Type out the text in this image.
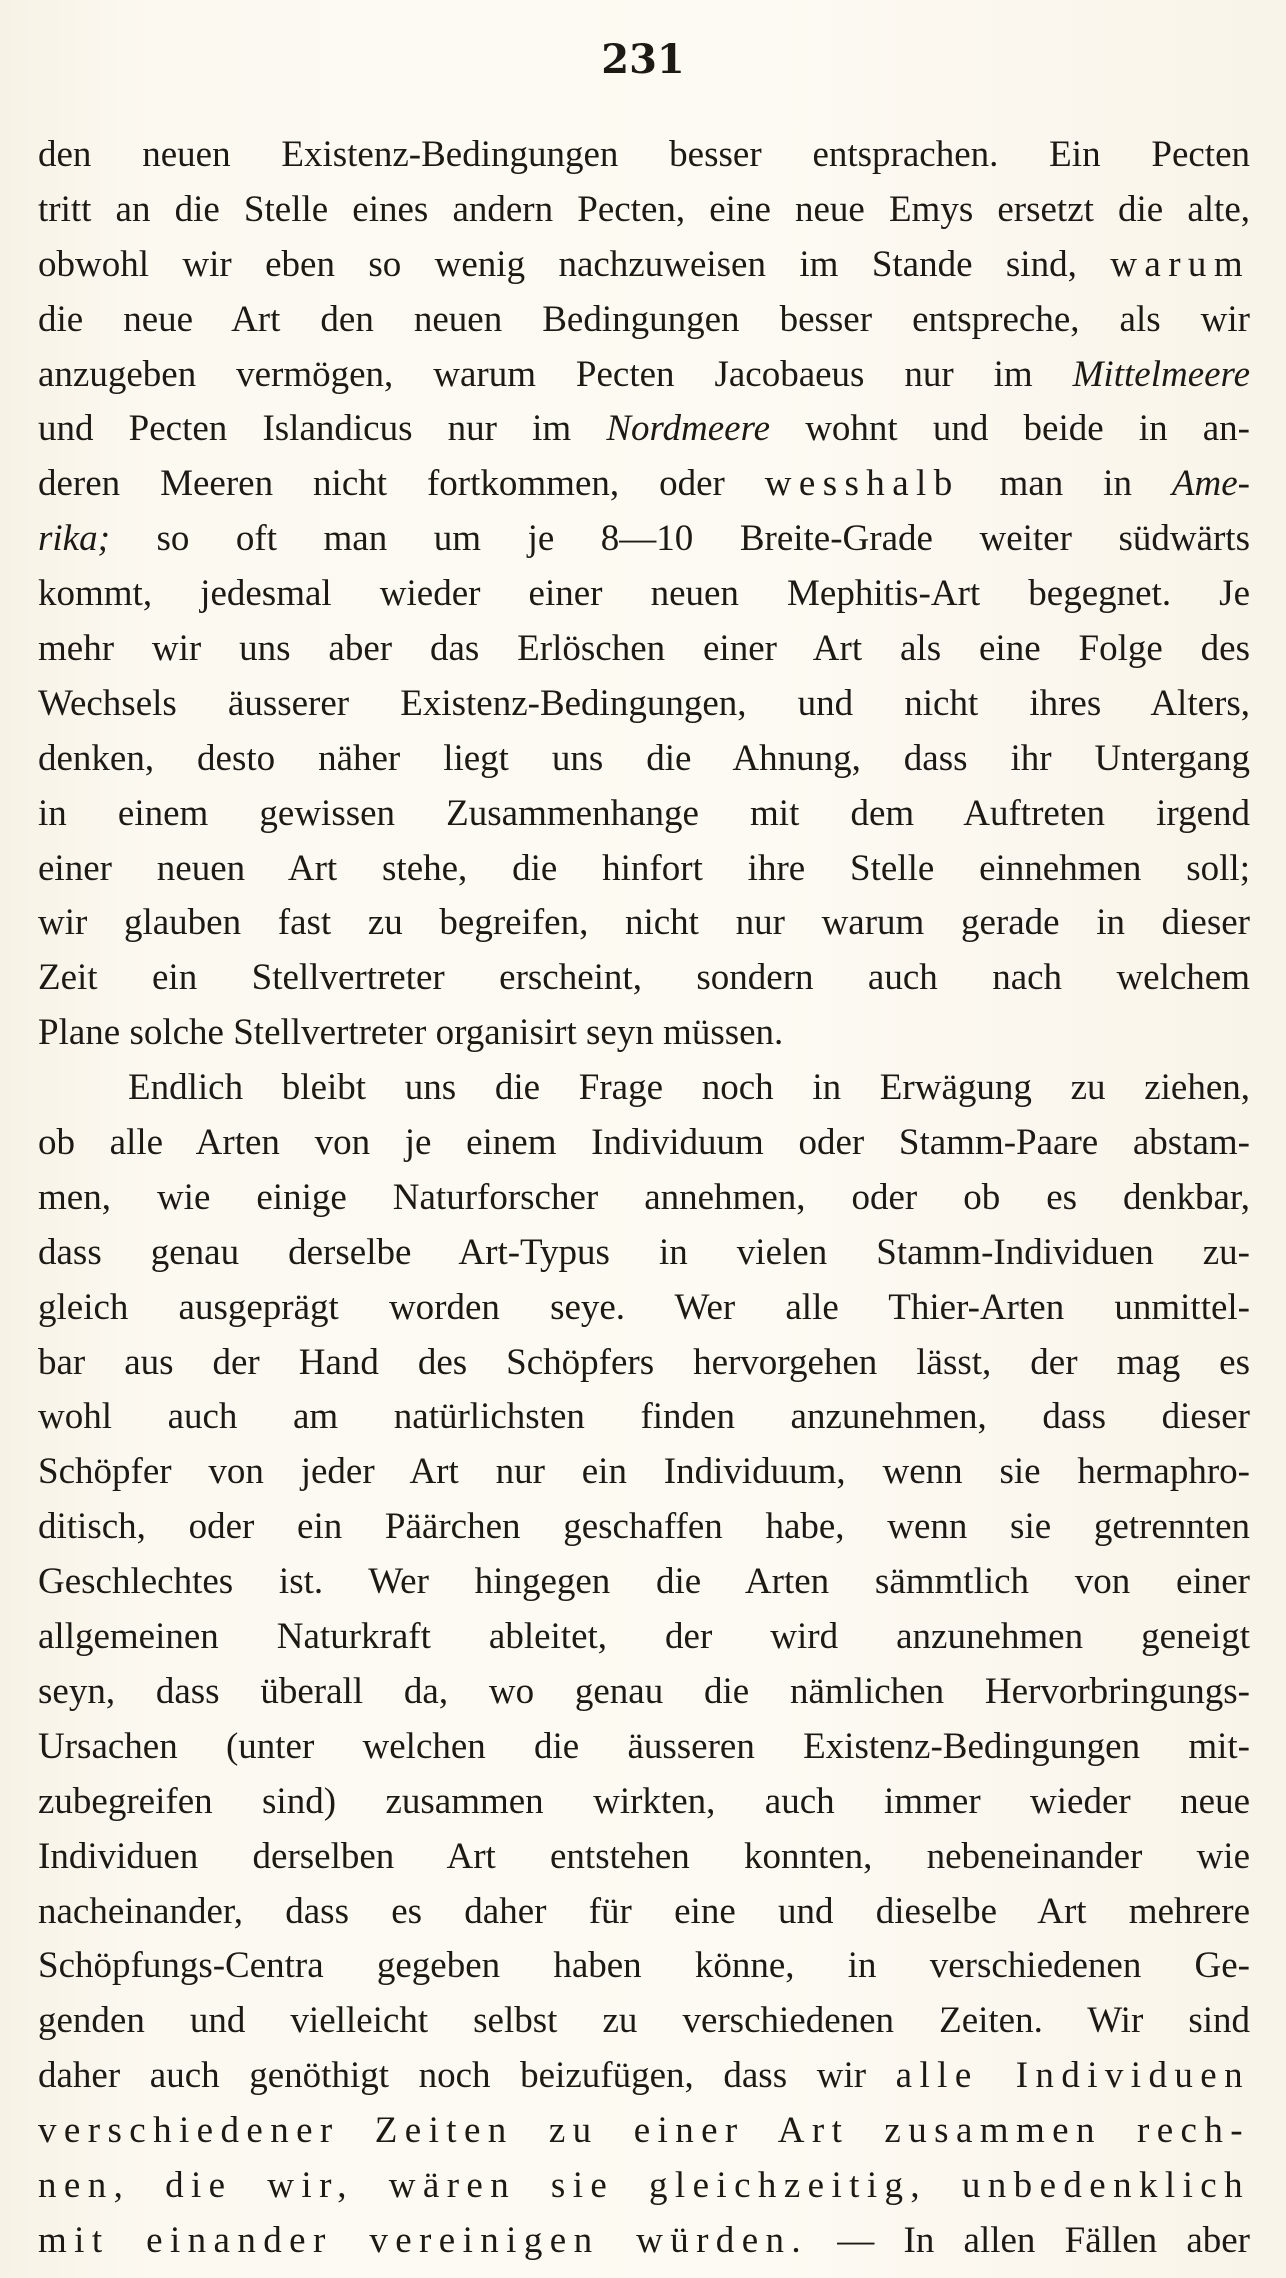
231
den neuen Existenz-Bedingungen besser entsprachen. Ein Pecten
tritt an die Stelle eines andern Pecten, eine neue Emys ersetzt die alte,
obwohl wir eben so wenig nachzuweisen im Stande sind, warum
die neue Art den neuen Bedingungen besser entspreche, als wir
anzugeben vermögen, warum Pecten Jacobaeus nur im Mittelmeere
und Pecten Islandicus nur im Nordmeere wohnt und beide in an-
deren Meeren nicht fortkommen, oder wesshalb man in Ame-
rika; so oft man um je 8—10 Breite-Grade weiter südwärts
kommt, jedesmal wieder einer neuen Mephitis-Art begegnet. Je
mehr wir uns aber das Erlöschen einer Art als eine Folge des
Wechsels äusserer Existenz-Bedingungen, und nicht ihres Alters,
denken, desto näher liegt uns die Ahnung, dass ihr Untergang
in einem gewissen Zusammenhange mit dem Auftreten irgend
einer neuen Art stehe, die hinfort ihre Stelle einnehmen soll;
wir glauben fast zu begreifen, nicht nur warum gerade in dieser
Zeit ein Stellvertreter erscheint, sondern auch nach welchem
Plane solche Stellvertreter organisirt seyn müssen.
Endlich bleibt uns die Frage noch in Erwägung zu ziehen,
ob alle Arten von je einem Individuum oder Stamm-Paare abstam-
men, wie einige Naturforscher annehmen, oder ob es denkbar,
dass genau derselbe Art-Typus in vielen Stamm-Individuen zu-
gleich ausgeprägt worden seye. Wer alle Thier-Arten unmittel-
bar aus der Hand des Schöpfers hervorgehen lässt, der mag es
wohl auch am natürlichsten finden anzunehmen, dass dieser
Schöpfer von jeder Art nur ein Individuum, wenn sie hermaphro-
ditisch, oder ein Päärchen geschaffen habe, wenn sie getrennten
Geschlechtes ist. Wer hingegen die Arten sämmtlich von einer
allgemeinen Naturkraft ableitet, der wird anzunehmen geneigt
seyn, dass überall da, wo genau die nämlichen Hervorbringungs-
Ursachen (unter welchen die äusseren Existenz-Bedingungen mit-
zubegreifen sind) zusammen wirkten, auch immer wieder neue
Individuen derselben Art entstehen konnten, nebeneinander wie
nacheinander, dass es daher für eine und dieselbe Art mehrere
Schöpfungs-Centra gegeben haben könne, in verschiedenen Ge-
genden und vielleicht selbst zu verschiedenen Zeiten. Wir sind
daher auch genöthigt noch beizufügen, dass wir alle Individuen
verschiedener Zeiten zu einer Art zusammen rech-
nen, die wir, wären sie gleichzeitig, unbedenklich
mit einander vereinigen würden. — In allen Fällen aber
